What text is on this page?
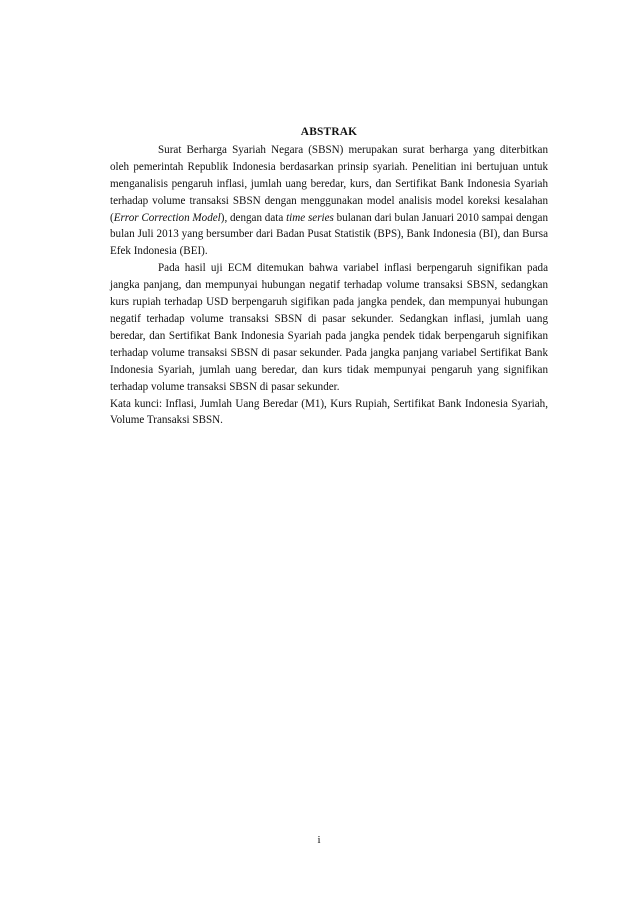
ABSTRAK

Surat Berharga Syariah Negara (SBSN) merupakan surat berharga yang diterbitkan oleh pemerintah Republik Indonesia berdasarkan prinsip syariah. Penelitian ini bertujuan untuk menganalisis pengaruh inflasi, jumlah uang beredar, kurs, dan Sertifikat Bank Indonesia Syariah terhadap volume transaksi SBSN dengan menggunakan model analisis model koreksi kesalahan (Error Correction Model), dengan data time series bulanan dari bulan Januari 2010 sampai dengan bulan Juli 2013 yang bersumber dari Badan Pusat Statistik (BPS), Bank Indonesia (BI), dan Bursa Efek Indonesia (BEI).

Pada hasil uji ECM ditemukan bahwa variabel inflasi berpengaruh signifikan pada jangka panjang, dan mempunyai hubungan negatif terhadap volume transaksi SBSN, sedangkan kurs rupiah terhadap USD berpengaruh sigifikan pada jangka pendek, dan mempunyai hubungan negatif terhadap volume transaksi SBSN di pasar sekunder. Sedangkan inflasi, jumlah uang beredar, dan Sertifikat Bank Indonesia Syariah pada jangka pendek tidak berpengaruh signifikan terhadap volume transaksi SBSN di pasar sekunder. Pada jangka panjang variabel Sertifikat Bank Indonesia Syariah, jumlah uang beredar, dan kurs tidak mempunyai pengaruh yang signifikan terhadap volume transaksi SBSN di pasar sekunder.

Kata kunci: Inflasi, Jumlah Uang Beredar (M1), Kurs Rupiah, Sertifikat Bank Indonesia Syariah, Volume Transaksi SBSN.

i
